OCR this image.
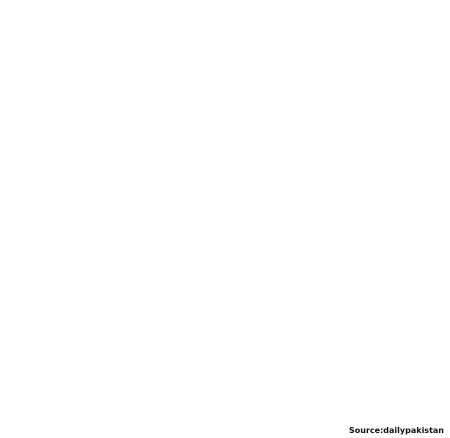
Source:dailypakistan
